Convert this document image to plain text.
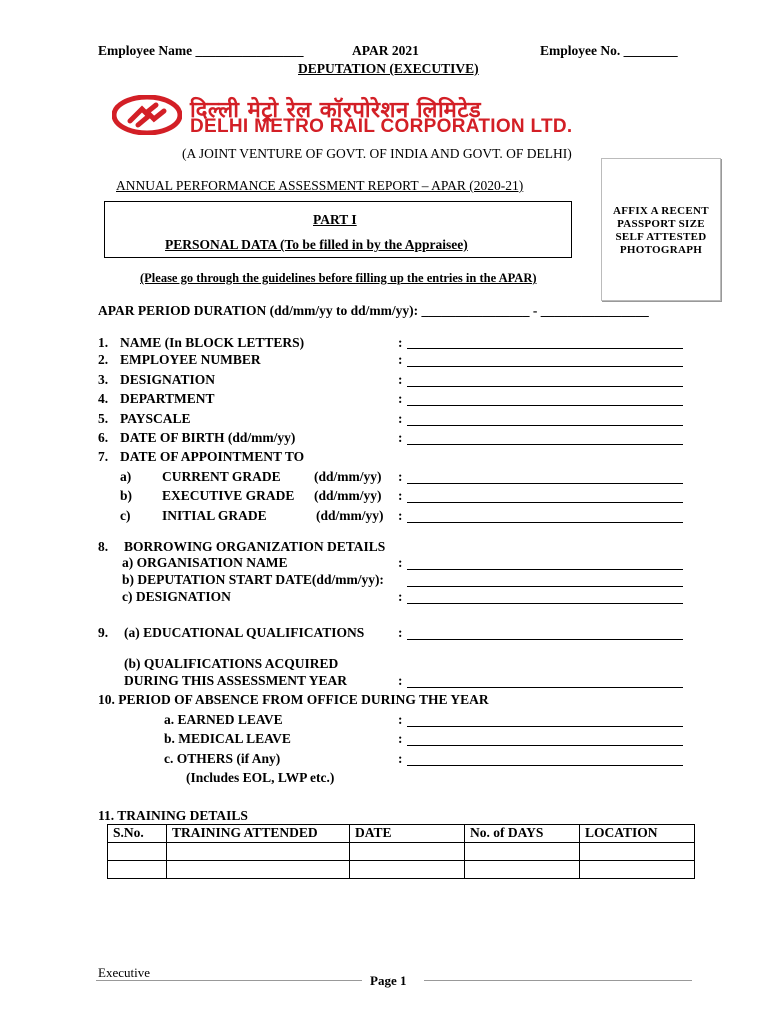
Employee Name ________________	APAR 2021	Employee No. ________
DEPUTATION (EXECUTIVE)
दिल्ली मेट्रो रेल कॉरपोरेशन लिमिटेड
DELHI METRO RAIL CORPORATION LTD.
(A JOINT VENTURE OF GOVT. OF INDIA AND GOVT. OF DELHI)
ANNUAL PERFORMANCE ASSESSMENT REPORT – APAR (2020-21)
AFFIX A RECENT
PASSPORT SIZE
SELF ATTESTED
PHOTOGRAPH
PART I
PERSONAL DATA (To be filled in by the Appraisee)
(Please go through the guidelines before filling up the entries in the APAR)
APAR PERIOD DURATION (dd/mm/yy to dd/mm/yy): ________________ - ________________
1. NAME (In BLOCK LETTERS)	:
2. EMPLOYEE NUMBER	:
3. DESIGNATION	:
4. DEPARTMENT	:
5. PAYSCALE	:
6. DATE OF BIRTH (dd/mm/yy)	:
7. DATE OF APPOINTMENT TO
a) CURRENT GRADE (dd/mm/yy) :
b) EXECUTIVE GRADE (dd/mm/yy) :
c) INITIAL GRADE	(dd/mm/yy) :
8. BORROWING ORGANIZATION DETAILS
a) ORGANISATION NAME	:
b) DEPUTATION START DATE(dd/mm/yy):
c) DESIGNATION	:
9. (a) EDUCATIONAL QUALIFICATIONS :
(b) QUALIFICATIONS ACQUIRED
DURING THIS ASSESSMENT YEAR	:
10. PERIOD OF ABSENCE FROM OFFICE DURING THE YEAR
a. EARNED LEAVE	:
b. MEDICAL LEAVE	:
c. OTHERS (if Any)	:
(Includes EOL, LWP etc.)
11. TRAINING DETAILS
S.No.	TRAINING ATTENDED	DATE	No. of DAYS	LOCATION

Executive
Page 1
